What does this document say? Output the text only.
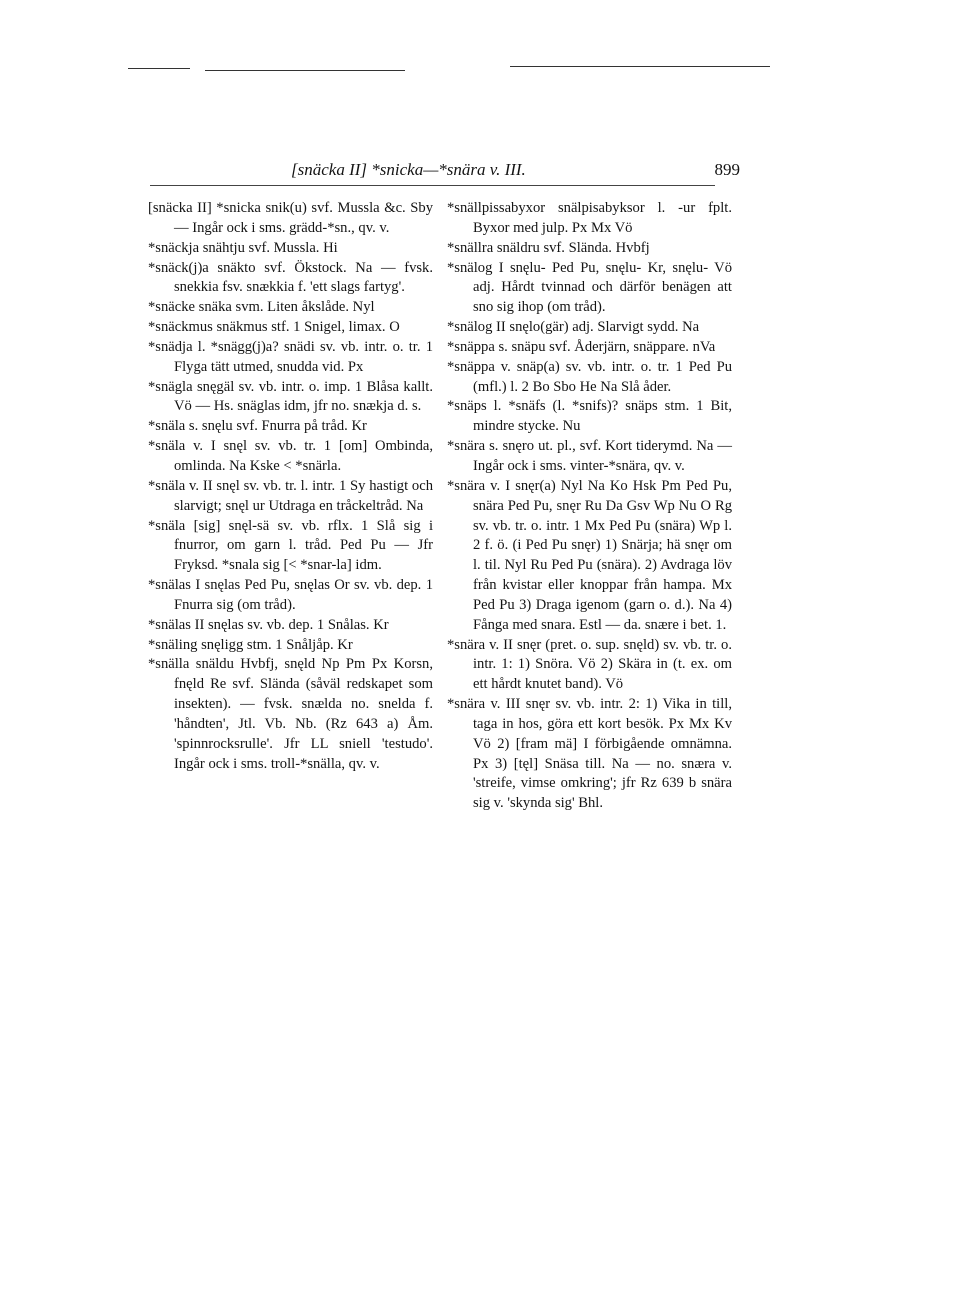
[snäcka II] *snicka—*snära v. III.	899

[snäcka II] *snicka snik(u) svf. Mussla &c. Sby — Ingår ock i sms. grädd-*sn., qv. v.

*snäckja snähtju svf. Mussla. Hi

*snäck(j)a snäkto svf. Ökstock. Na — fvsk. snekkia fsv. snækkia f. 'ett slags fartyg'.

*snäcke snäka svm. Liten åkslåde. Nyl

*snäckmus snäkmus stf. 1 Snigel, limax. O

*snädja l. *snägg(j)a? snädi sv. vb. intr. o. tr. 1 Flyga tätt utmed, snudda vid. Px

*snägla snęgäl sv. vb. intr. o. imp. 1 Blåsa kallt. Vö — Hs. snäglas idm, jfr no. snækja d. s.

*snäla s. snęlu svf. Fnurra på tråd. Kr

*snäla v. I snęl sv. vb. tr. 1 [om] Ombinda, omlinda. Na Kske < *snärla.

*snäla v. II snęl sv. vb. tr. l. intr. 1 Sy hastigt och slarvigt; snęl ur Utdraga en tråckeltråd. Na

*snäla [sig] snęl-sä sv. vb. rflx. 1 Slå sig i fnurror, om garn l. tråd. Ped Pu — Jfr Fryksd. *snala sig [< *snar-la] idm.

*snälas I snęlas Ped Pu, snęlas Or sv. vb. dep. 1 Fnurra sig (om tråd).

*snälas II snęlas sv. vb. dep. 1 Snålas. Kr

*snäling snęligg stm. 1 Snåljåp. Kr

*snälla snäldu Hvbfj, snęld Np Pm Px Korsn, fnęld Re svf. Slända (såväl redskapet som insekten). — fvsk. snælda no. snelda f. 'håndten', Jtl. Vb. Nb. (Rz 643 a) Åm. 'spinnrocksrulle'. Jfr LL sniell 'testudo'. Ingår ock i sms. troll-*snälla, qv. v.

*snällpissabyxor snälpisabyksor l. -ur fplt. Byxor med julp. Px Mx Vö

*snällra snäldru svf. Slända. Hvbfj

*snälog I snęlu- Ped Pu, snęlu- Kr, snęlu- Vö adj. Hårdt tvinnad och därför benägen att sno sig ihop (om tråd).

*snälog II snęlo(gär) adj. Slarvigt sydd. Na

*snäppa s. snäpu svf. Åderjärn, snäppare. nVa

*snäppa v. snäp(a) sv. vb. intr. o. tr. 1 Ped Pu (mfl.) l. 2 Bo Sbo He Na Slå åder.

*snäps l. *snäfs (l. *snifs)? snäps stm. 1 Bit, mindre stycke. Nu

*snära s. snęro ut. pl., svf. Kort tiderymd. Na — Ingår ock i sms. vinter-*snära, qv. v.

*snära v. I snęr(a) Nyl Na Ko Hsk Pm Ped Pu, snära Ped Pu, snęr Ru Da Gsv Wp Nu O Rg sv. vb. tr. o. intr. 1 Mx Ped Pu (snära) Wp l. 2 f. ö. (i Ped Pu snęr) 1) Snärja; hä snęr om l. til. Nyl Ru Ped Pu (snära). 2) Avdraga löv från kvistar eller knoppar från hampa. Mx Ped Pu 3) Draga igenom (garn o. d.). Na 4) Fånga med snara. Estl — da. snære i bet. 1.

*snära v. II snęr (pret. o. sup. snęld) sv. vb. tr. o. intr. 1: 1) Snöra. Vö 2) Skära in (t. ex. om ett hårdt knutet band). Vö

*snära v. III snęr sv. vb. intr. 2: 1) Vika in till, taga in hos, göra ett kort besök. Px Mx Kv Vö 2) [fram mä] I förbigående omnämna. Px 3) [tęl] Snäsa till. Na — no. snæra v. 'streife, vimse omkring'; jfr Rz 639 b snära sig v. 'skynda sig' Bhl.
